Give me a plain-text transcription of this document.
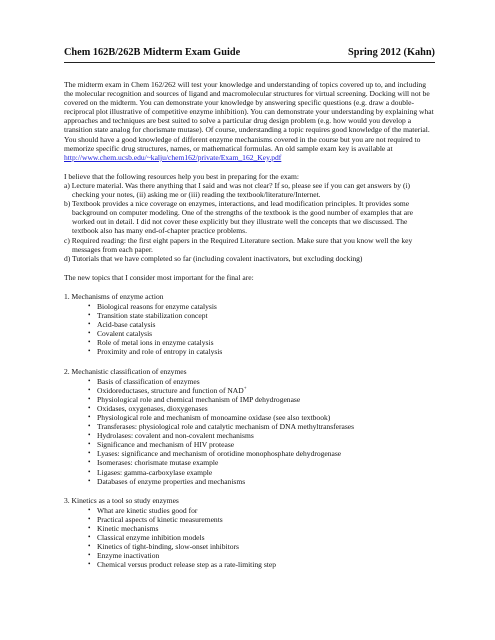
Chem 162B/262B Midterm Exam Guide	Spring 2012 (Kahn)

The midterm exam in Chem 162/262 will test your knowledge and understanding of topics covered up to, and including the molecular recognition and sources of ligand and macromolecular structures for virtual screening. Docking will not be covered on the midterm. You can demonstrate your knowledge by answering specific questions (e.g. draw a double-reciprocal plot illustrative of competitive enzyme inhibition). You can demonstrate your understanding by explaining what approaches and techniques are best suited to solve a particular drug design problem (e.g. how would you develop a transition state analog for chorismate mutase). Of course, understanding a topic requires good knowledge of the material. You should have a good knowledge of different enzyme mechanisms covered in the course but you are not required to memorize specific drug structures, names, or mathematical formulas. An old sample exam key is available at http://www.chem.ucsb.edu/~kalju/chem162/private/Exam_162_Key.pdf

I believe that the following resources help you best in preparing for the exam:

a) Lecture material. Was there anything that I said and was not clear? If so, please see if you can get answers by (i) checking your notes, (ii) asking me or (iii) reading the textbook/literature/Internet.
b) Textbook provides a nice coverage on enzymes, interactions, and lead modification principles. It provides some background on computer modeling. One of the strengths of the textbook is the good number of examples that are worked out in detail. I did not cover these explicitly but they illustrate well the concepts that we discussed. The textbook also has many end-of-chapter practice problems.
c) Required reading: the first eight papers in the Required Literature section. Make sure that you know well the key messages from each paper.
d) Tutorials that we have completed so far (including covalent inactivators, but excluding docking)

The new topics that I consider most important for the final are:

1. Mechanisms of enzyme action
• Biological reasons for enzyme catalysis
• Transition state stabilization concept
• Acid-base catalysis
• Covalent catalysis
• Role of metal ions in enzyme catalysis
• Proximity and role of entropy in catalysis
2. Mechanistic classification of enzymes
• Basis of classification of enzymes
• Oxidoreductases, structure and function of NAD+
• Physiological role and chemical mechanism of IMP dehydrogenase
• Oxidases, oxygenases, dioxygenases
• Physiological role and mechanism of monoamine oxidase (see also textbook)
• Transferases: physiological role and catalytic mechanism of DNA methyltransferases
• Hydrolases: covalent and non-covalent mechanisms
• Significance and mechanism of HIV protease
• Lyases: significance and mechanism of orotidine monophosphate dehydrogenase
• Isomerases: chorismate mutase example
• Ligases: gamma-carboxylase example
• Databases of enzyme properties and mechanisms
3. Kinetics as a tool so study enzymes
• What are kinetic studies good for
• Practical aspects of kinetic measurements
• Kinetic mechanisms
• Classical enzyme inhibition models
• Kinetics of tight-binding, slow-onset inhibitors
• Enzyme inactivation
• Chemical versus product release step as a rate-limiting step
